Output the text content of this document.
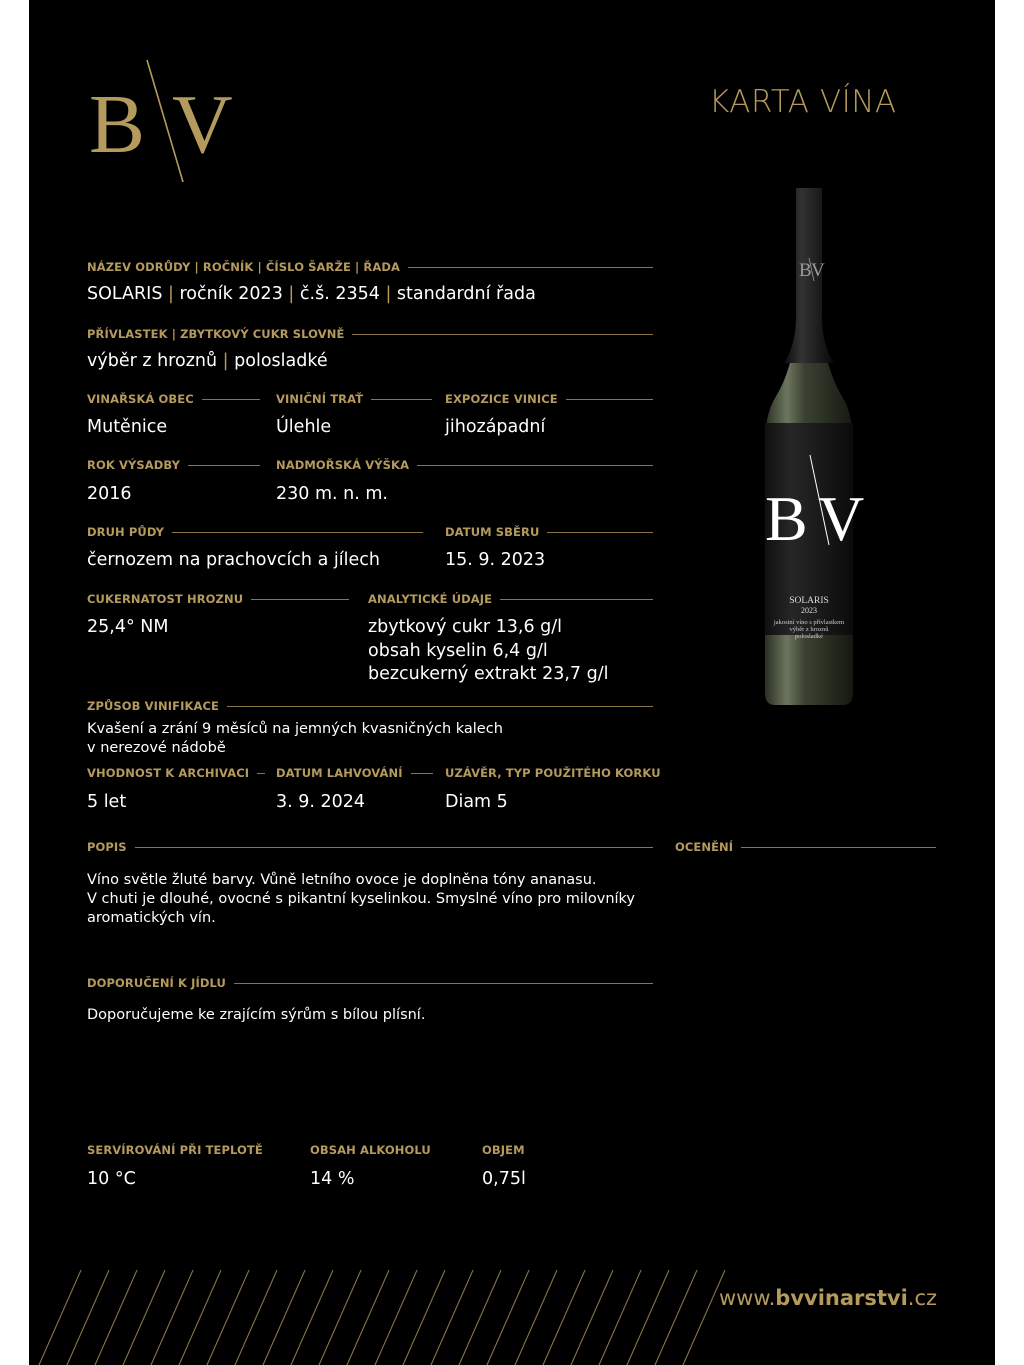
B V	KARTA VÍNA
B V
B V
SOLARIS
2023
jakostní víno s přívlastkem
výběr z hroznů
polosladké
NÁZEV ODRŮDY | ROČNÍK | ČÍSLO ŠARŽE | ŘADA
SOLARIS | ročník 2023 | č.š. 2354 | standardní řada
PŘÍVLASTEK | ZBYTKOVÝ CUKR SLOVNĚ
výběr z hroznů | polosladké
VINAŘSKÁ OBEC
Mutěnice
VINIČNÍ TRAŤ
Úlehle
EXPOZICE VINICE
jihozápadní
ROK VÝSADBY
2016
NADMOŘSKÁ VÝŠKA
230 m. n. m.
DRUH PŮDY
černozem na prachovcích a jílech
DATUM SBĚRU
15. 9. 2023
CUKERNATOST HROZNU
25,4° NM
ANALYTICKÉ ÚDAJE
zbytkový cukr 13,6 g/l
obsah kyselin 6,4 g/l
bezcukerný extrakt 23,7 g/l
ZPŮSOB VINIFIKACE
Kvašení a zrání 9 měsíců na jemných kvasničných kalech
v nerezové nádobě
VHODNOST K ARCHIVACI
5 let
DATUM LAHVOVÁNÍ
3. 9. 2024
UZÁVĚR, TYP POUŽITÉHO KORKU
Diam 5
POPIS	OCENĚNÍ
Víno světle žluté barvy. Vůně letního ovoce je doplněna tóny ananasu.
V chuti je dlouhé, ovocné s pikantní kyselinkou. Smyslné víno pro milovníky
aromatických vín.
DOPORUČENÍ K JÍDLU
Doporučujeme ke zrajícím sýrům s bílou plísní.
SERVÍROVÁNÍ PŘI TEPLOTĚ
10 °C
OBSAH ALKOHOLU
14 %
OBJEM
0,75l
www.bvvinarstvi.cz
